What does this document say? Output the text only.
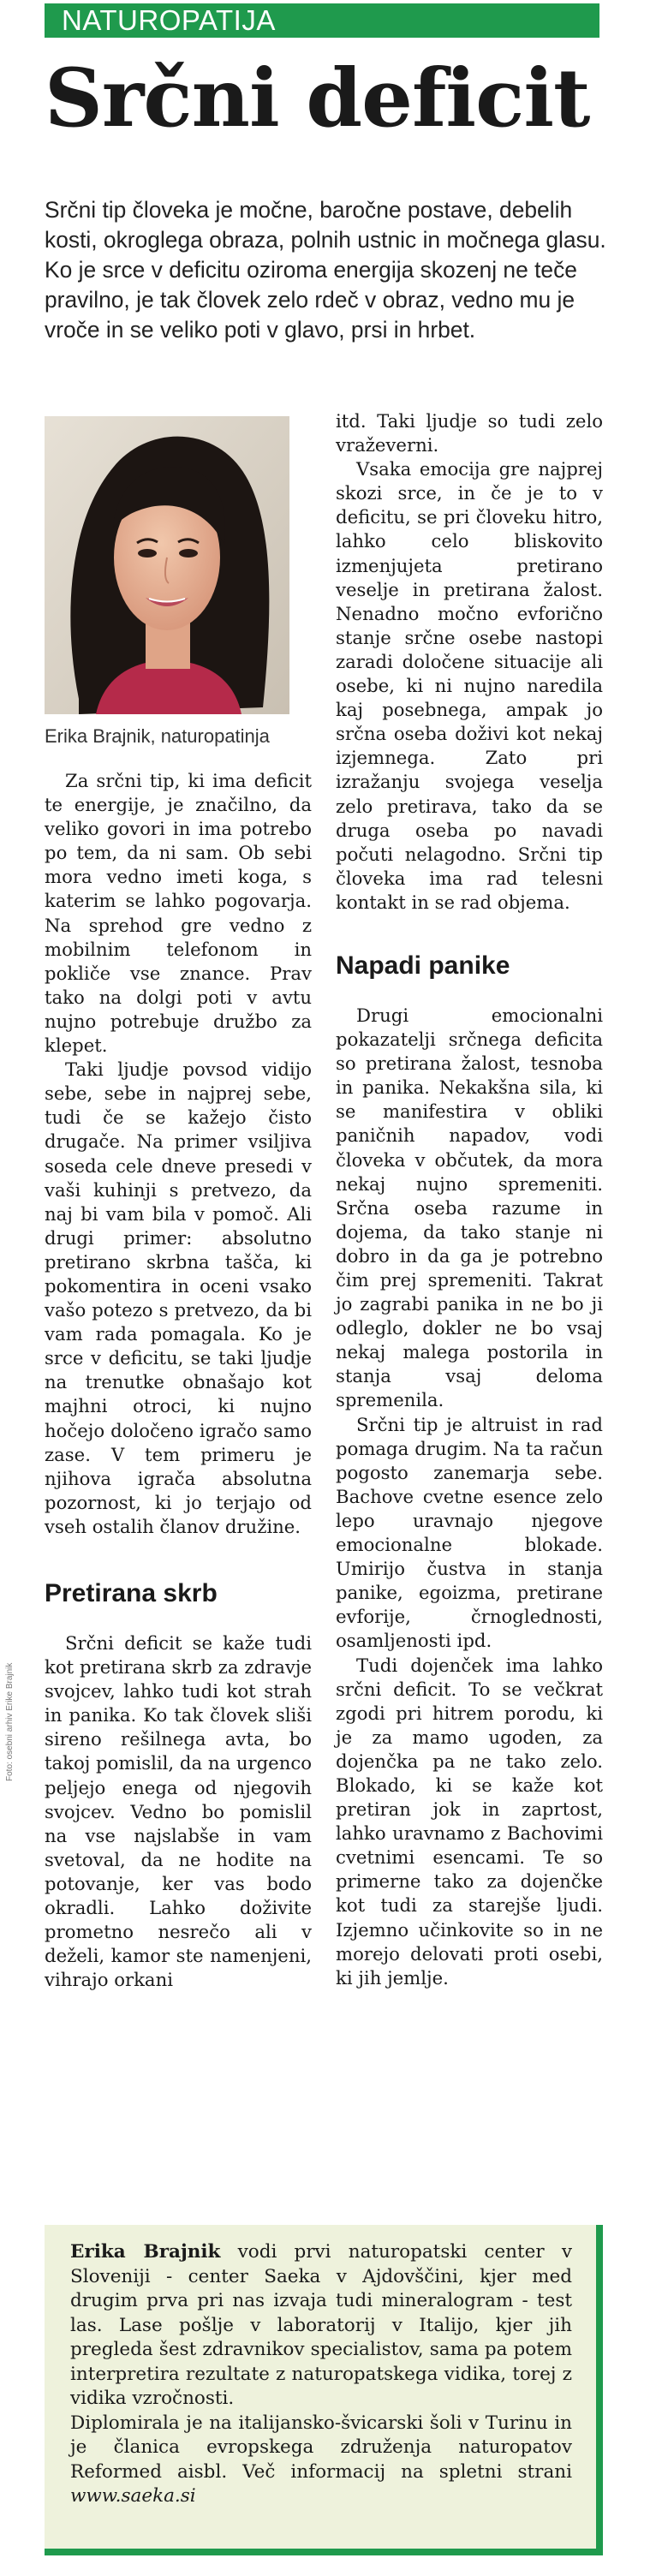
NATUROPATIJA
Srčni deficit

Srčni tip človeka je močne, baročne postave, debelih kosti, okroglega obraza, polnih ustnic in močnega glasu. Ko je srce v deficitu oziroma energija skozenj ne teče pravilno, je tak človek zelo rdeč v obraz, vedno mu je vroče in se veliko poti v glavo, prsi in hrbet.

Foto: osebni arhiv Erike Brajnik

Erika Brajnik, naturopatinja

Za srčni tip, ki ima deficit te energije, je značilno, da veliko govori in ima potrebo po tem, da ni sam. Ob sebi mora vedno imeti koga, s katerim se lahko pogovarja. Na sprehod gre vedno z mobilnim telefonom in pokliče vse znance. Prav tako na dolgi poti v avtu nujno potrebuje družbo za klepet.

Taki ljudje povsod vidijo sebe, sebe in najprej sebe, tudi če se kažejo čisto drugače. Na primer vsiljiva soseda cele dneve presedi v vaši kuhinji s pretvezo, da naj bi vam bila v pomoč. Ali drugi primer: absolutno pretirano skrbna tašča, ki pokomentira in oceni vsako vašo potezo s pretvezo, da bi vam rada pomagala. Ko je srce v deficitu, se taki ljudje na trenutke obnašajo kot majhni otroci, ki nujno hočejo določeno igračo samo zase. V tem primeru je njihova igrača absolutna pozornost, ki jo terjajo od vseh ostalih članov družine.

Pretirana skrb

Srčni deficit se kaže tudi kot pretirana skrb za zdravje svojcev, lahko tudi kot strah in panika. Ko tak človek sliši sireno rešilnega avta, bo takoj pomislil, da na urgenco peljejo enega od njegovih svojcev. Vedno bo pomislil na vse najslabše in vam svetoval, da ne hodite na potovanje, ker vas bodo okradli. Lahko doživite prometno nesrečo ali v deželi, kamor ste namenjeni, vihrajo orkani

itd. Taki ljudje so tudi zelo vraževerni.

Vsaka emocija gre najprej skozi srce, in če je to v deficitu, se pri človeku hitro, lahko celo bliskovito izmenjujeta pretirano veselje in pretirana žalost. Nenadno močno evforično stanje srčne osebe nastopi zaradi določene situacije ali osebe, ki ni nujno naredila kaj posebnega, ampak jo srčna oseba doživi kot nekaj izjemnega. Zato pri izražanju svojega veselja zelo pretirava, tako da se druga oseba po navadi počuti nelagodno. Srčni tip človeka ima rad telesni kontakt in se rad objema.

Napadi panike

Drugi emocionalni pokazatelji srčnega deficita so pretirana žalost, tesnoba in panika. Nekakšna sila, ki se manifestira v obliki paničnih napadov, vodi človeka v občutek, da mora nekaj nujno spremeniti. Srčna oseba razume in dojema, da tako stanje ni dobro in da ga je potrebno čim prej spremeniti. Takrat jo zagrabi panika in ne bo ji odleglo, dokler ne bo vsaj nekaj malega postorila in stanja vsaj deloma spremenila.

Srčni tip je altruist in rad pomaga drugim. Na ta račun pogosto zanemarja sebe. Bachove cvetne esence zelo lepo uravnajo njegove emocionalne blokade. Umirijo čustva in stanja panike, egoizma, pretirane evforije, črnoglednosti, osamljenosti ipd.

Tudi dojenček ima lahko srčni deficit. To se večkrat zgodi pri hitrem porodu, ki je za mamo ugoden, za dojenčka pa ne tako zelo. Blokado, ki se kaže kot pretiran jok in zaprtost, lahko uravnamo z Bachovimi cvetnimi esencami. Te so primerne tako za dojenčke kot tudi za starejše ljudi. Izjemno učinkovite so in ne morejo delovati proti osebi, ki jih jemlje.

Erika Brajnik vodi prvi naturopatski center v Sloveniji - center Saeka v Ajdovščini, kjer med drugim prva pri nas izvaja tudi mineralogram - test las. Lase pošlje v laboratorij v Italijo, kjer jih pregleda šest zdravnikov specialistov, sama pa potem interpretira rezultate z naturopatskega vidika, torej z vidika vzročnosti.

Diplomirala je na italijansko-švicarski šoli v Turinu in je članica evropskega združenja naturopatov Reformed aisbl. Več informacij na spletni strani www.saeka.si
